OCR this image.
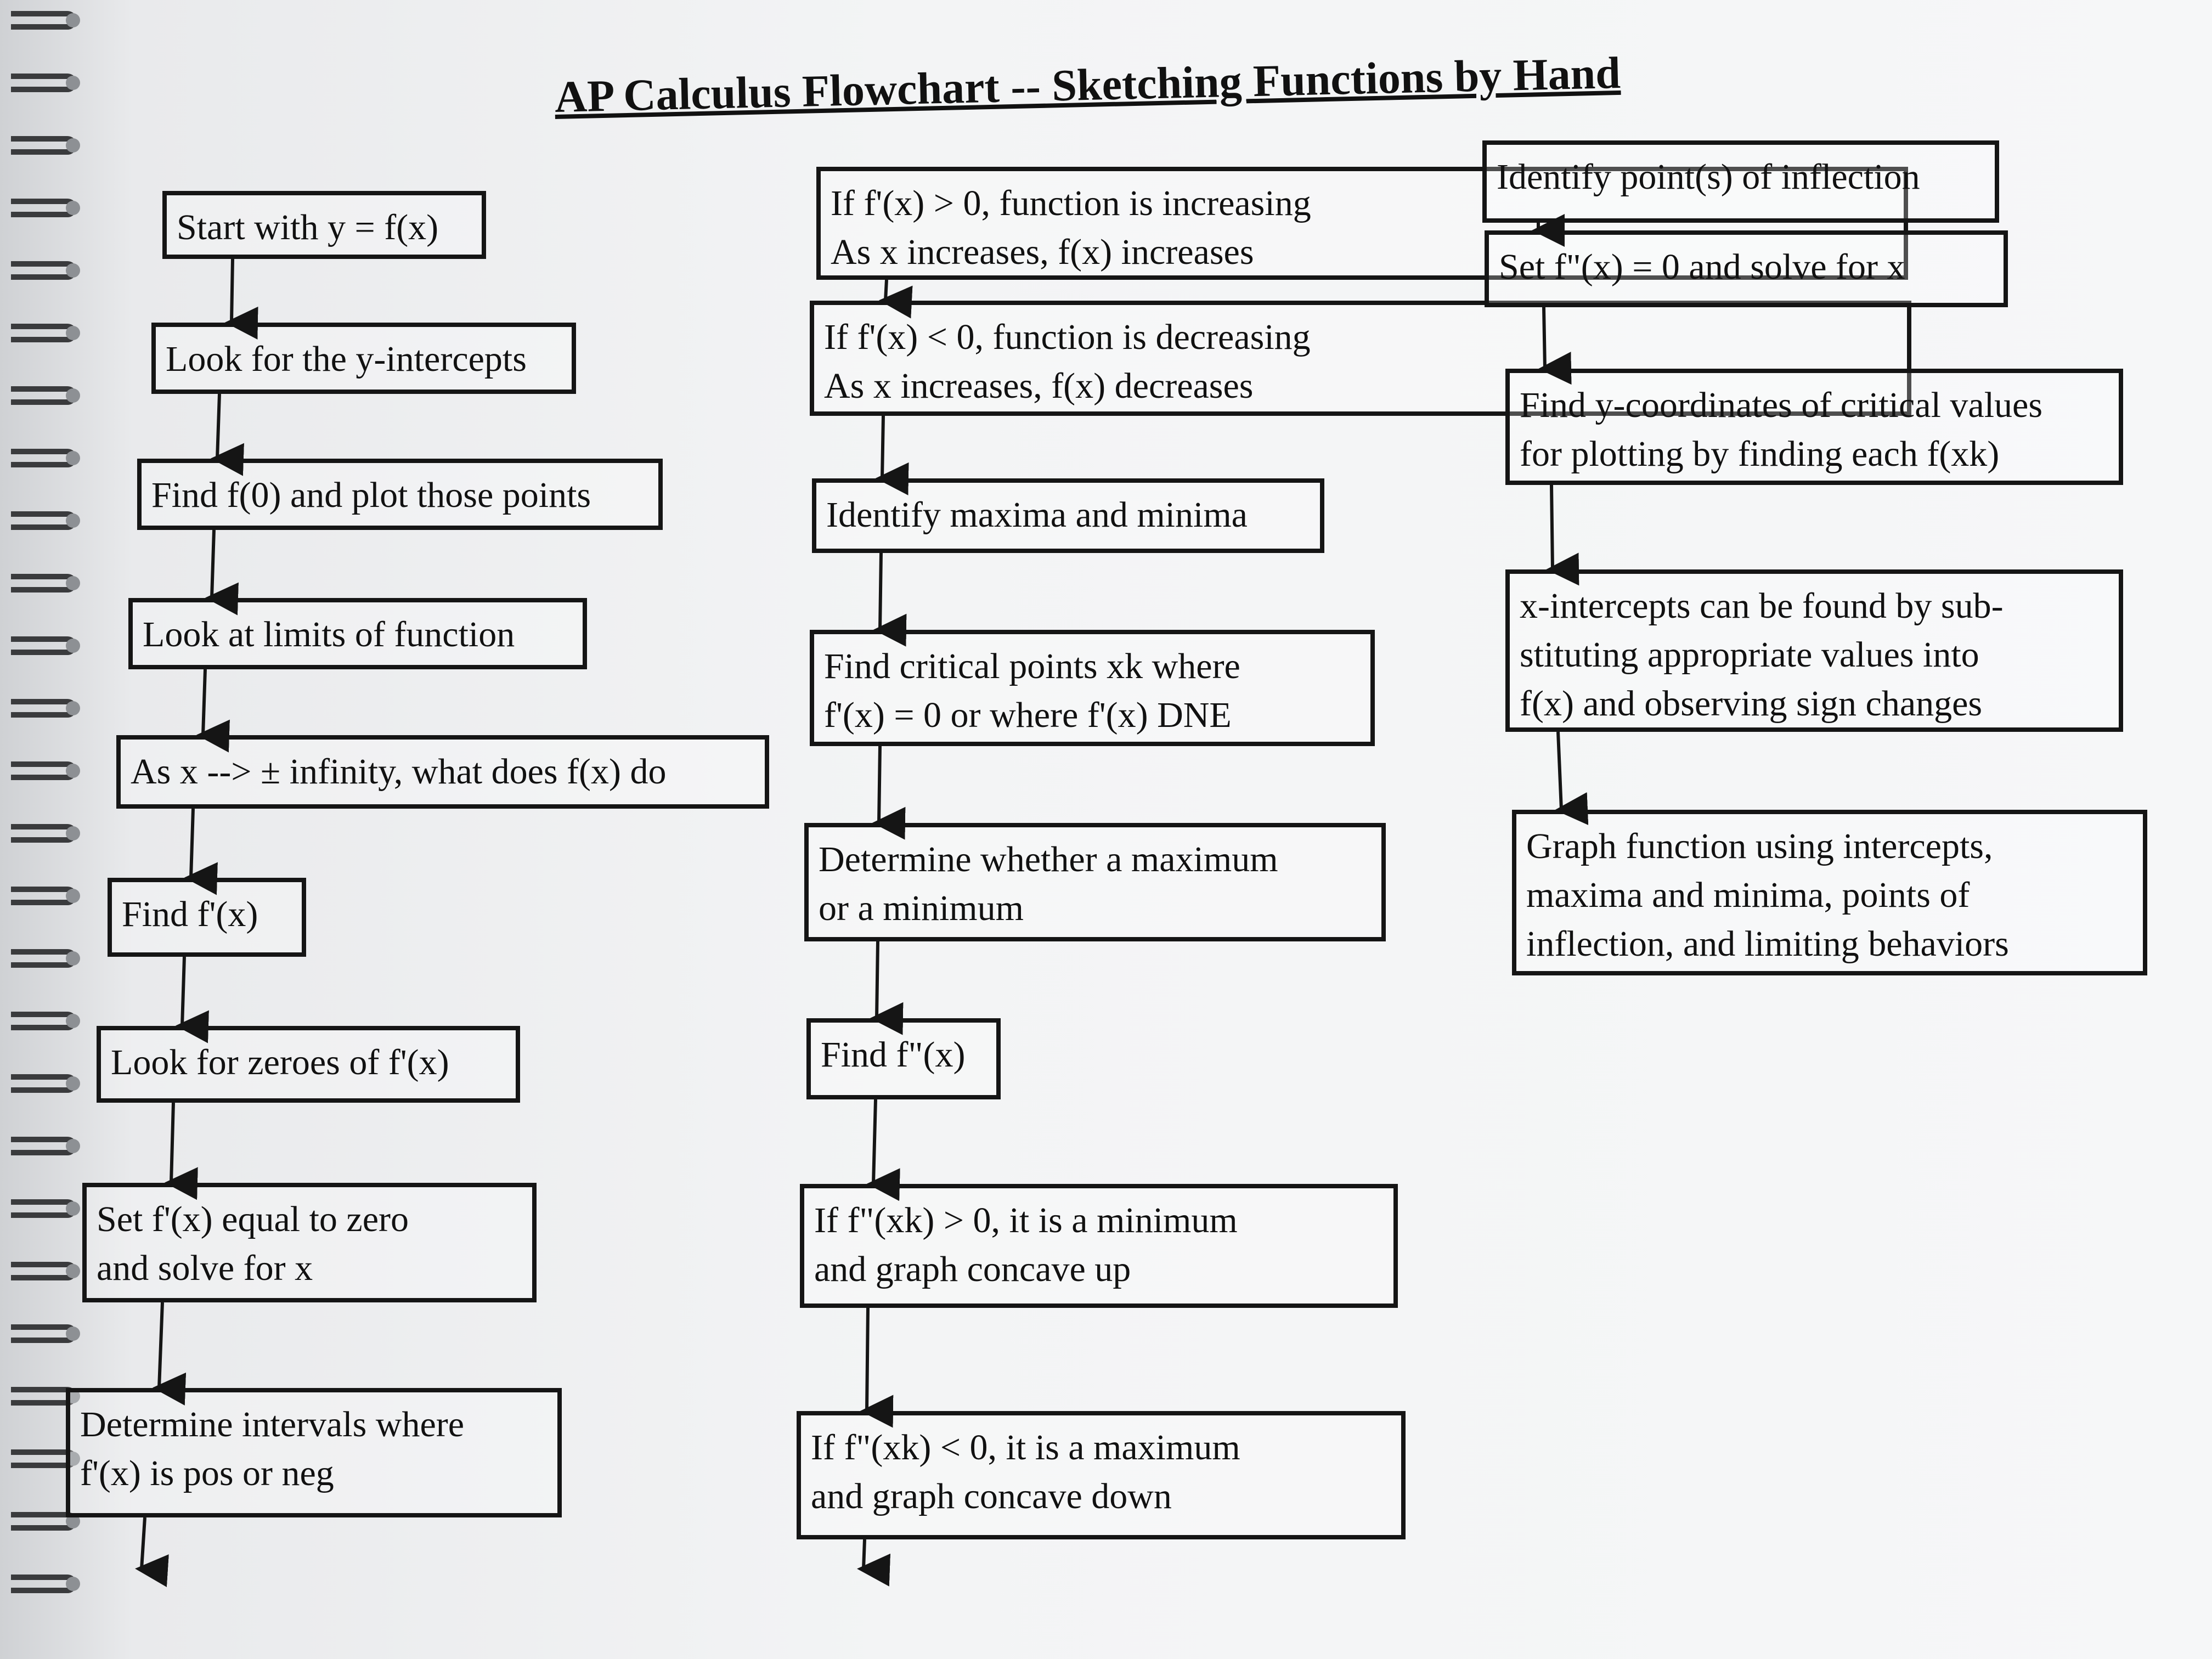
AP Calculus Flowchart -- Sketching Functions by Hand
Start with y = f(x)
Look for the y-intercepts
Find f(0) and plot those points
Look at limits of function
As x --> ± infinity, what does f(x) do
Find f'(x)
Look for zeroes of f'(x)
Set f'(x) equal to zero
and solve for x
Determine intervals where
f'(x) is pos or neg
If f'(x) > 0, function is increasing
As x increases, f(x) increases
If f'(x) < 0, function is decreasing
As x increases, f(x) decreases
Identify maxima and minima
Find critical points xk where
f'(x) = 0 or where f'(x) DNE
Determine whether a maximum
or a minimum
Find f"(x)
If f"(xk) > 0, it is a minimum
and graph concave up
If f"(xk) < 0, it is a maximum
and graph concave down
Identify point(s) of inflection
Set f"(x) = 0 and solve for x
Find y-coordinates of critical values
for plotting by finding each f(xk)
x-intercepts can be found by sub-
stituting appropriate values into
f(x) and observing sign changes
Graph function using intercepts,
maxima and minima, points of
inflection, and limiting behaviors
